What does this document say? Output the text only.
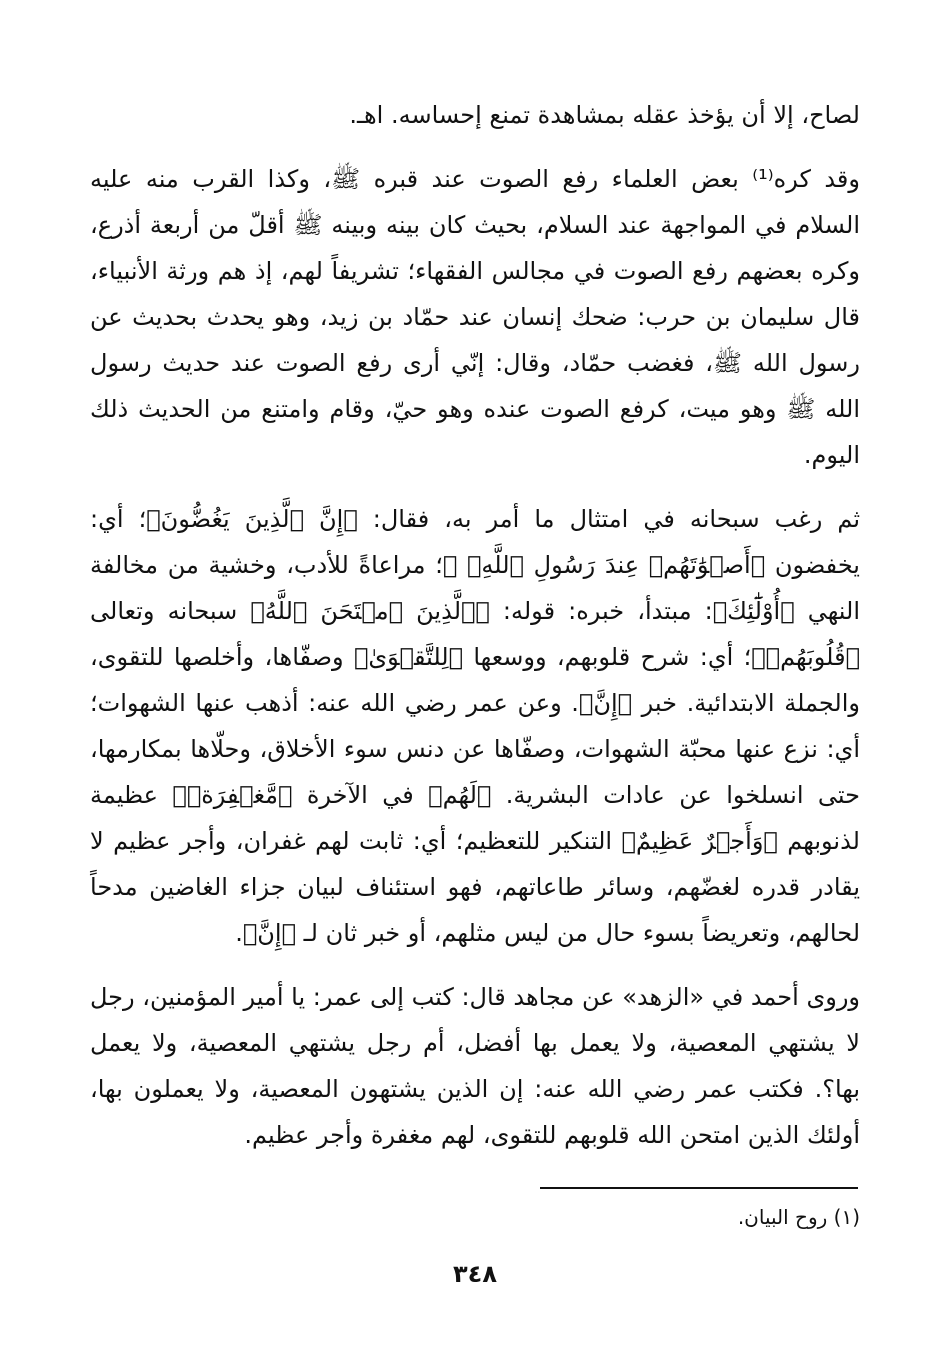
لصاح، إلا أن يؤخذ عقله بمشاهدة تمنع إحساسه. اهـ.

وقد كره⁽¹⁾ بعض العلماء رفع الصوت عند قبره ﷺ، وكذا القرب منه عليه السلام في المواجهة عند السلام، بحيث كان بينه وبينه ﷺ أقلّ من أربعة أذرع، وكره بعضهم رفع الصوت في مجالس الفقهاء؛ تشريفاً لهم، إذ هم ورثة الأنبياء، قال سليمان بن حرب: ضحك إنسان عند حمّاد بن زيد، وهو يحدث بحديث عن رسول الله ﷺ، فغضب حمّاد، وقال: إنّي أرى رفع الصوت عند حديث رسول الله ﷺ وهو ميت، كرفع الصوت عنده وهو حيّ، وقام وامتنع من الحديث ذلك اليوم.

ثم رغب سبحانه في امتثال ما أمر به، فقال: ﴿إِنَّ ٱلَّذِينَ يَغُضُّونَ﴾؛ أي: يخفضون ﴿أَصۡوَٰتَهُمۡ عِندَ رَسُولِ ٱللَّهِ﴾ ﷺ؛ مراعاةً للأدب، وخشية من مخالفة النهي ﴿أُوْلَٰٓئِكَ﴾: مبتدأ، خبره: قوله: ﴿ٱلَّذِينَ ٱمۡتَحَنَ ٱللَّهُ﴾ سبحانه وتعالى ﴿قُلُوبَهُمۡ﴾؛ أي: شرح قلوبهم، ووسعها ﴿لِلتَّقۡوَىٰ﴾ وصفّاها، وأخلصها للتقوى، والجملة الابتدائية. خبر ﴿إِنَّ﴾. وعن عمر رضي الله عنه: أذهب عنها الشهوات؛ أي: نزع عنها محبّة الشهوات، وصفّاها عن دنس سوء الأخلاق، وحلّاها بمكارمها، حتى انسلخوا عن عادات البشرية. ﴿لَهُم﴾ في الآخرة ﴿مَّغۡفِرَةٞ﴾ عظيمة لذنوبهم ﴿وَأَجۡرٌ عَظِيمٌ﴾ التنكير للتعظيم؛ أي: ثابت لهم غفران، وأجر عظيم لا يقادر قدره لغضّهم، وسائر طاعاتهم، فهو استئناف لبيان جزاء الغاضين مدحاً لحالهم، وتعريضاً بسوء حال من ليس مثلهم، أو خبر ثان لـ ﴿إِنَّ﴾.

وروى أحمد في «الزهد» عن مجاهد قال: كتب إلى عمر: يا أمير المؤمنين، رجل لا يشتهي المعصية، ولا يعمل بها أفضل، أم رجل يشتهي المعصية، ولا يعمل بها؟. فكتب عمر رضي الله عنه: إن الذين يشتهون المعصية، ولا يعملون بها، أولئك الذين امتحن الله قلوبهم للتقوى، لهم مغفرة وأجر عظيم.

(١) روح البيان.
٣٤٨
